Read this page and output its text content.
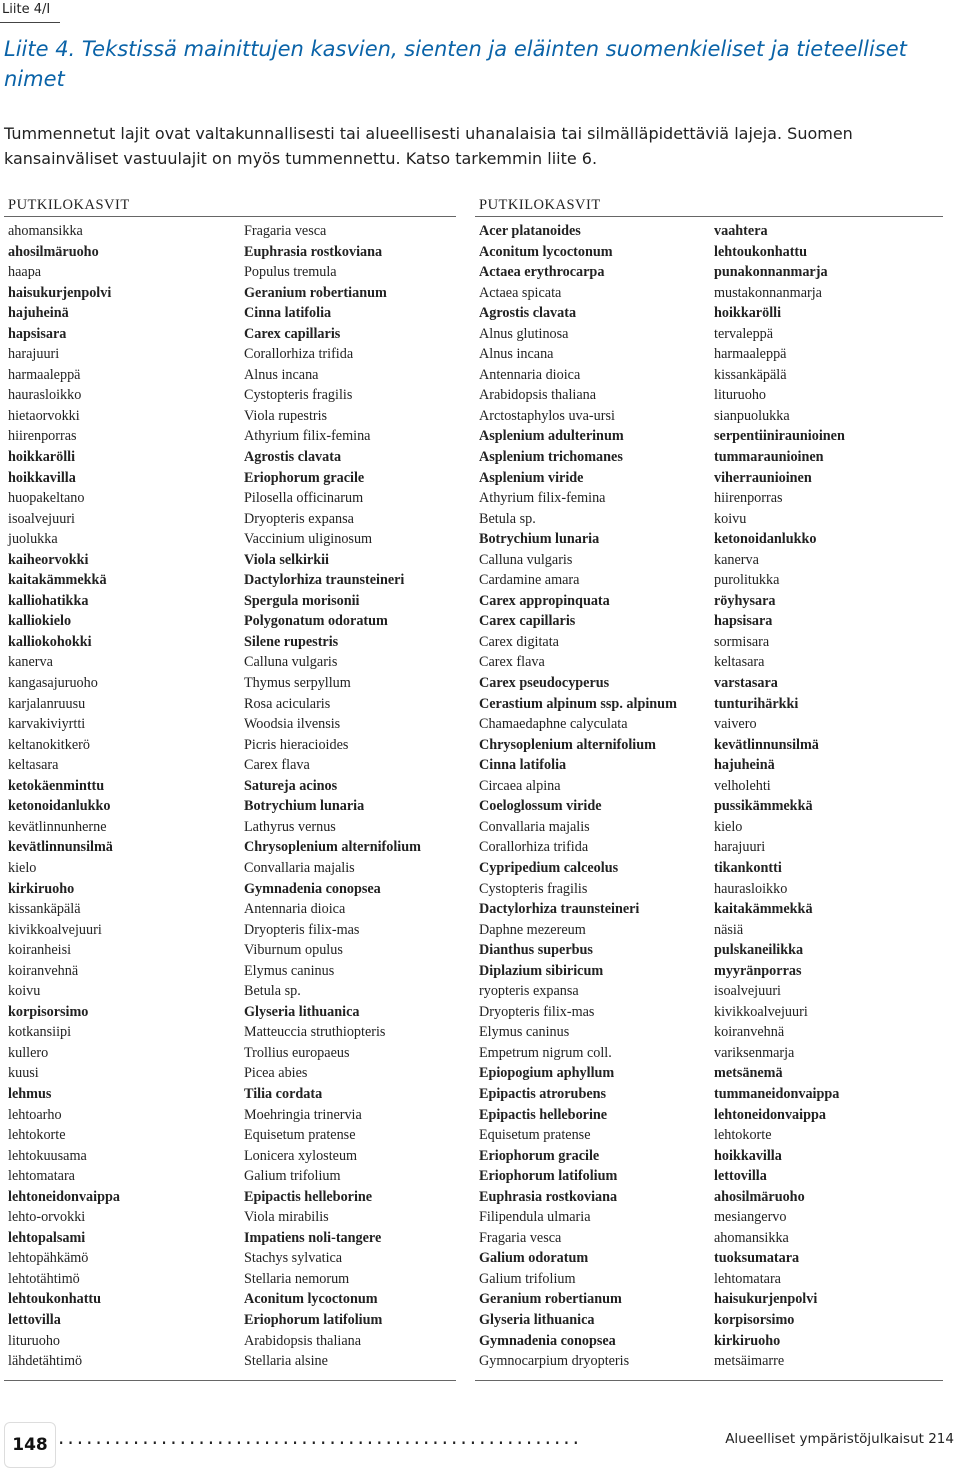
Liite 4/I
Liite 4. Tekstissä mainittujen kasvien, sienten ja eläinten suomenkieliset ja tieteelliset nimet
Tummennetut lajit ovat valtakunnallisesti tai alueellisesti uhanalaisia tai silmälläpidettäviä lajeja. Suomen kansainväliset vastuulajit on myös tummennettu. Katso tarkemmin liite 6.
PUTKILOKASVIT
ahomansikka
ahosilmäruoho
haapa
haisukurjenpolvi
hajuheinä
hapsisara
harajuuri
harmaaleppä
haurasloikko
hietaorvokki
hiirenporras
hoikkarölli
hoikkavilla
huopakeltano
isoalvejuuri
juolukka
kaiheorvokki
kaitakämmekkä
kalliohatikka
kalliokielo
kalliokohokki
kanerva
kangasajuruoho
karjalanruusu
karvakiviyrtti
keltanokitkerö
keltasara
ketokäenminttu
ketonoidanlukko
kevätlinnunherne
kevätlinnunsilmä
kielo
kirkiruoho
kissankäpälä
kivikkoalvejuuri
koiranheisi
koiranvehnä
koivu
korpisorsimo
kotkansiipi
kullero
kuusi
lehmus
lehtoarho
lehtokorte
lehtokuusama
lehtomatara
lehtoneidonvaippa
lehto-orvokki
lehtopalsami
lehtopähkämö
lehtotähtimö
lehtoukonhattu
lettovilla
lituruoho
lähdetähtimö
Fragaria vesca
Euphrasia rostkoviana
Populus tremula
Geranium robertianum
Cinna latifolia
Carex capillaris
Corallorhiza trifida
Alnus incana
Cystopteris fragilis
Viola rupestris
Athyrium filix-femina
Agrostis clavata
Eriophorum gracile
Pilosella officinarum
Dryopteris expansa
Vaccinium uliginosum
Viola selkirkii
Dactylorhiza traunsteineri
Spergula morisonii
Polygonatum odoratum
Silene rupestris
Calluna vulgaris
Thymus serpyllum
Rosa acicularis
Woodsia ilvensis
Picris hieracioides
Carex flava
Satureja acinos
Botrychium lunaria
Lathyrus vernus
Chrysoplenium alternifolium
Convallaria majalis
Gymnadenia conopsea
Antennaria dioica
Dryopteris filix-mas
Viburnum opulus
Elymus caninus
Betula sp.
Glyseria lithuanica
Matteuccia struthiopteris
Trollius europaeus
Picea abies
Tilia cordata
Moehringia trinervia
Equisetum pratense
Lonicera xylosteum
Galium trifolium
Epipactis helleborine
Viola mirabilis
Impatiens noli-tangere
Stachys sylvatica
Stellaria nemorum
Aconitum lycoctonum
Eriophorum latifolium
Arabidopsis thaliana
Stellaria alsine
PUTKILOKASVIT
Acer platanoides
Aconitum lycoctonum
Actaea erythrocarpa
Actaea spicata
Agrostis clavata
Alnus glutinosa
Alnus incana
Antennaria dioica
Arabidopsis thaliana
Arctostaphylos uva-ursi
Asplenium adulterinum
Asplenium trichomanes
Asplenium viride
Athyrium filix-femina
Betula sp.
Botrychium lunaria
Calluna vulgaris
Cardamine amara
Carex appropinquata
Carex capillaris
Carex digitata
Carex flava
Carex pseudocyperus
Cerastium alpinum ssp. alpinum
Chamaedaphne calyculata
Chrysoplenium alternifolium
Cinna latifolia
Circaea alpina
Coeloglossum viride
Convallaria majalis
Corallorhiza trifida
Cypripedium calceolus
Cystopteris fragilis
Dactylorhiza traunsteineri
Daphne mezereum
Dianthus superbus
Diplazium sibiricum
ryopteris expansa
Dryopteris filix-mas
Elymus caninus
Empetrum nigrum coll.
Epiopogium aphyllum
Epipactis atrorubens
Epipactis helleborine
Equisetum pratense
Eriophorum gracile
Eriophorum latifolium
Euphrasia rostkoviana
Filipendula ulmaria
Fragaria vesca
Galium odoratum
Galium trifolium
Geranium robertianum
Glyseria lithuanica
Gymnadenia conopsea
Gymnocarpium dryopteris
vaahtera
lehtoukonhattu
punakonnanmarja
mustakonnanmarja
hoikkarölli
tervaleppä
harmaaleppä
kissankäpälä
lituruoho
sianpuolukka
serpentiiniraunioinen
tummaraunioinen
viherraunioinen
hiirenporras
koivu
ketonoidanlukko
kanerva
purolitukka
röyhysara
hapsisara
sormisara
keltasara
varstasara
tunturihärkki
vaivero
kevätlinnunsilmä
hajuheinä
velholehti
pussikämmekkä
kielo
harajuuri
tikankontti
haurasloikko
kaitakämmekkä
näsiä
pulskaneilikka
myyränporras
isoalvejuuri
kivikkoalvejuuri
koiranvehnä
variksenmarja
metsänemä
tummaneidonvaippa
lehtoneidonvaippa
lehtokorte
hoikkavilla
lettovilla
ahosilmäruoho
mesiangervo
ahomansikka
tuoksumatara
lehtomatara
haisukurjenpolvi
korpisorsimo
kirkiruoho
metsäimarre
148 ........................................................	Alueelliset ympäristöjulkaisut 214
